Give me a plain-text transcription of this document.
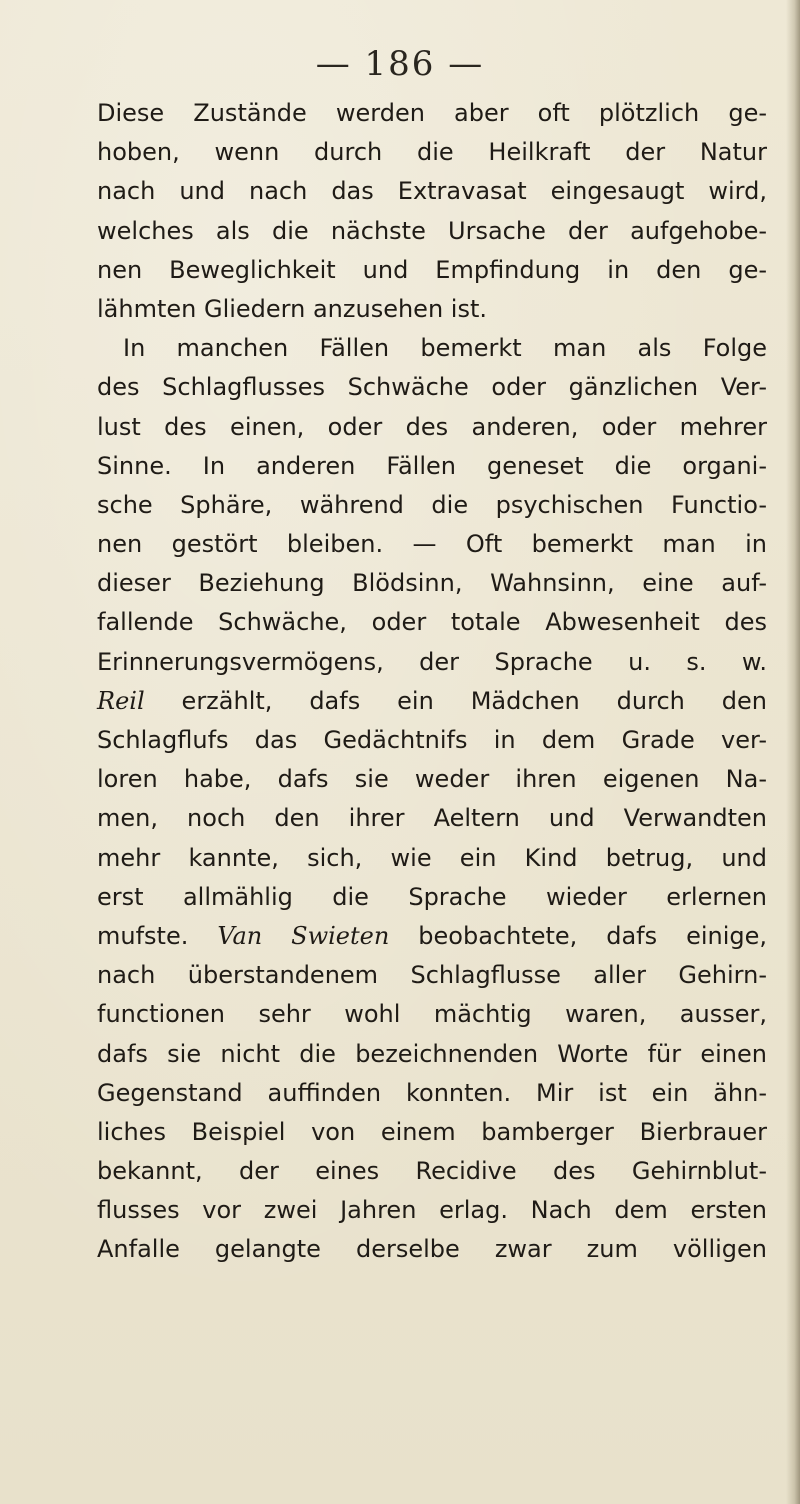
— 186 —
Diese Zustände werden aber oft plötzlich ge-
hoben, wenn durch die Heilkraft der Natur
nach und nach das Extravasat eingesaugt wird,
welches als die nächste Ursache der aufgehobe-
nen Beweglichkeit und Empfindung in den ge-
lähmten Gliedern anzusehen ist.
In manchen Fällen bemerkt man als Folge
des Schlagflusses Schwäche oder gänzlichen Ver-
lust des einen, oder des anderen, oder mehrer
Sinne. In anderen Fällen geneset die organi-
sche Sphäre, während die psychischen Functio-
nen gestört bleiben. — Oft bemerkt man in
dieser Beziehung Blödsinn, Wahnsinn, eine auf-
fallende Schwäche, oder totale Abwesenheit des
Erinnerungsvermögens, der Sprache u. s. w.
Reil erzählt, dafs ein Mädchen durch den
Schlagflufs das Gedächtnifs in dem Grade ver-
loren habe, dafs sie weder ihren eigenen Na-
men, noch den ihrer Aeltern und Verwandten
mehr kannte, sich, wie ein Kind betrug, und
erst allmählig die Sprache wieder erlernen
mufste. Van Swieten beobachtete, dafs einige,
nach überstandenem Schlagflusse aller Gehirn-
functionen sehr wohl mächtig waren, ausser,
dafs sie nicht die bezeichnenden Worte für einen
Gegenstand auffinden konnten. Mir ist ein ähn-
liches Beispiel von einem bamberger Bierbrauer
bekannt, der eines Recidive des Gehirnblut-
flusses vor zwei Jahren erlag. Nach dem ersten
Anfalle gelangte derselbe zwar zum völligen
